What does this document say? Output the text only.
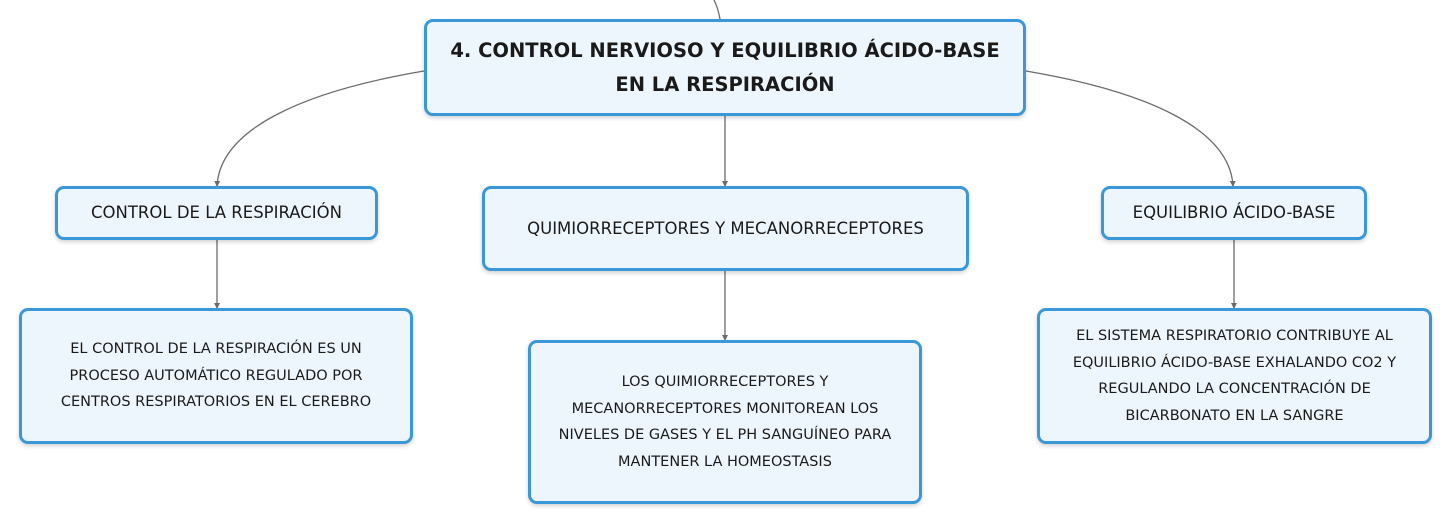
4. CONTROL NERVIOSO Y EQUILIBRIO ÁCIDO-BASE
EN LA RESPIRACIÓN
CONTROL DE LA RESPIRACIÓN
QUIMIORRECEPTORES Y MECANORRECEPTORES
EQUILIBRIO ÁCIDO-BASE
EL CONTROL DE LA RESPIRACIÓN ES UN
PROCESO AUTOMÁTICO REGULADO POR
CENTROS RESPIRATORIOS EN EL CEREBRO
LOS QUIMIORRECEPTORES Y
MECANORRECEPTORES MONITOREAN LOS
NIVELES DE GASES Y EL PH SANGUÍNEO PARA
MANTENER LA HOMEOSTASIS
EL SISTEMA RESPIRATORIO CONTRIBUYE AL
EQUILIBRIO ÁCIDO-BASE EXHALANDO CO2 Y
REGULANDO LA CONCENTRACIÓN DE
BICARBONATO EN LA SANGRE
